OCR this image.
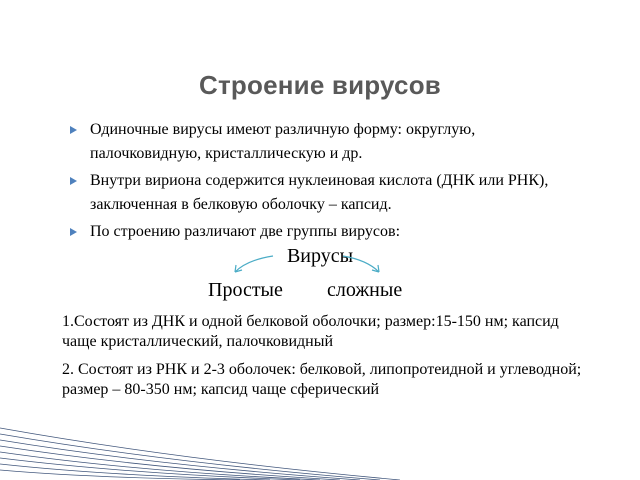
Строение вирусов
Одиночные вирусы имеют различную форму: округлую, палочковидную, кристаллическую и др.
Внутри вириона содержится нуклеиновая кислота (ДНК или РНК), заключенная в белковую оболочку – капсид.
По строению различают две группы вирусов:
Вирусы
Простые сложные
1.Состоят из ДНК и одной белковой оболочки; размер:15-150 нм; капсид чаще кристаллический, палочковидный
2. Состоят из РНК и 2-3 оболочек: белковой, липопротеидной и углеводной; размер – 80-350 нм; капсид чаще сферический
